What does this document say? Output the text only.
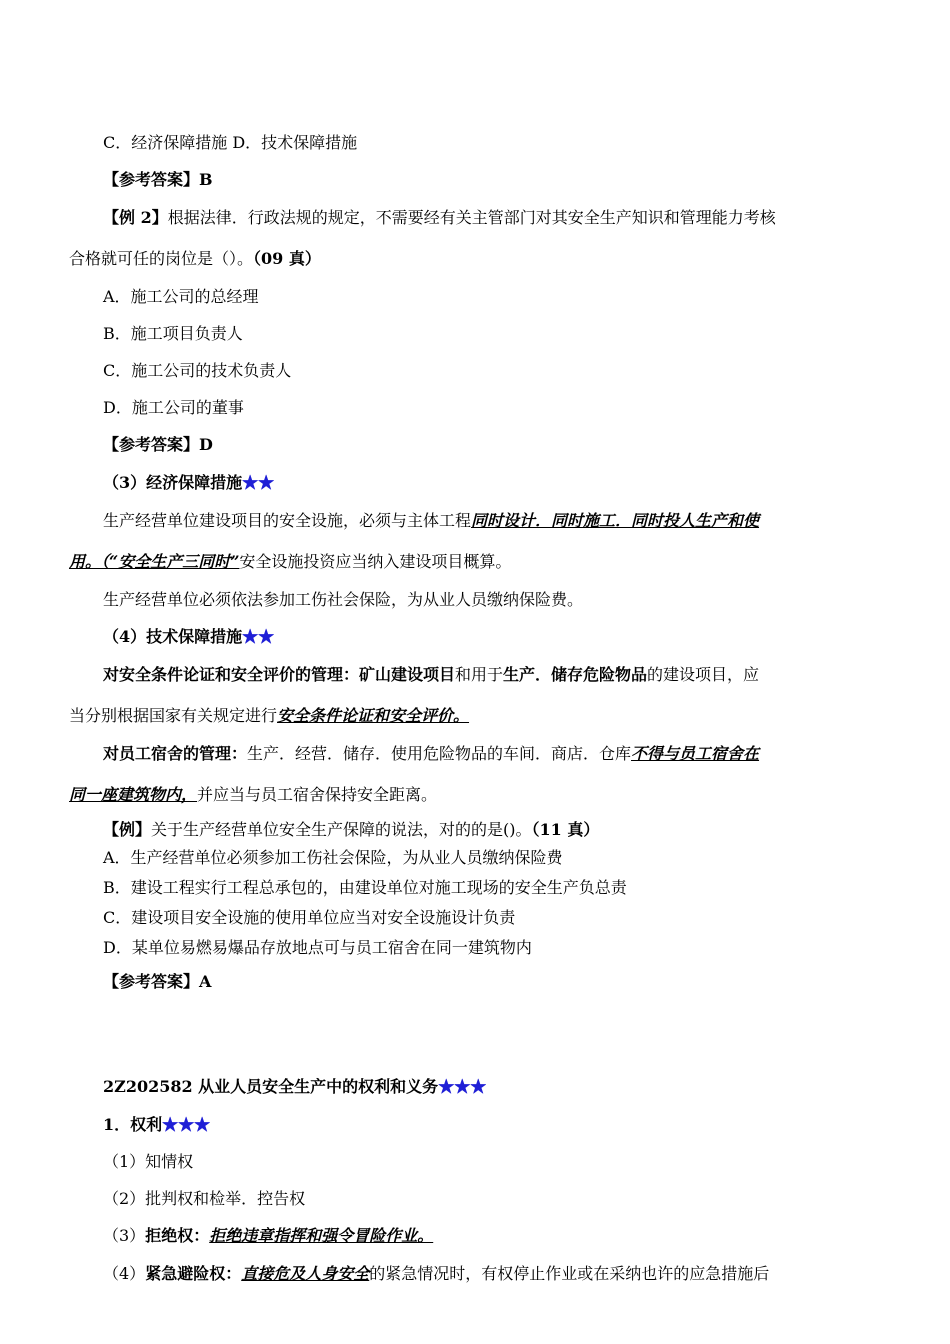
C．经济保障措施 D．技术保障措施
【参考答案】B
【例 2】根据法律．行政法规的规定，不需要经有关主管部门对其安全生产知识和管理能力考核
合格就可任的岗位是（）。（09 真）
A．施工公司的总经理
B．施工项目负责人
C．施工公司的技术负责人
D．施工公司的董事
【参考答案】D
（3）经济保障措施★★
生产经营单位建设项目的安全设施，必须与主体工程同时设计．同时施工．同时投人生产和使
用。（“安全生产三同时”安全设施投资应当纳入建设项目概算。
生产经营单位必须依法参加工伤社会保险，为从业人员缴纳保险费。
（4）技术保障措施★★
对安全条件论证和安全评价的管理：矿山建设项目和用于生产．储存危险物品的建设项目，应
当分别根据国家有关规定进行安全条件论证和安全评价。
对员工宿舍的管理：生产．经营．储存．使用危险物品的车间．商店．仓库不得与员工宿舍在
同一座建筑物内，并应当与员工宿舍保持安全距离。
【例】关于生产经营单位安全生产保障的说法，对的的是()。（11 真）
A．生产经营单位必须参加工伤社会保险，为从业人员缴纳保险费
B．建设工程实行工程总承包的，由建设单位对施工现场的安全生产负总责
C．建设项目安全设施的使用单位应当对安全设施设计负责
D．某单位易燃易爆品存放地点可与员工宿舍在同一建筑物内
【参考答案】A
2Z202582 从业人员安全生产中的权利和义务★★★
1．权利★★★
（1）知情权
（2）批判权和检举．控告权
（3）拒绝权：拒绝违章指挥和强令冒险作业。
（4）紧急避险权：直接危及人身安全的紧急情况时，有权停止作业或在采纳也许的应急措施后
